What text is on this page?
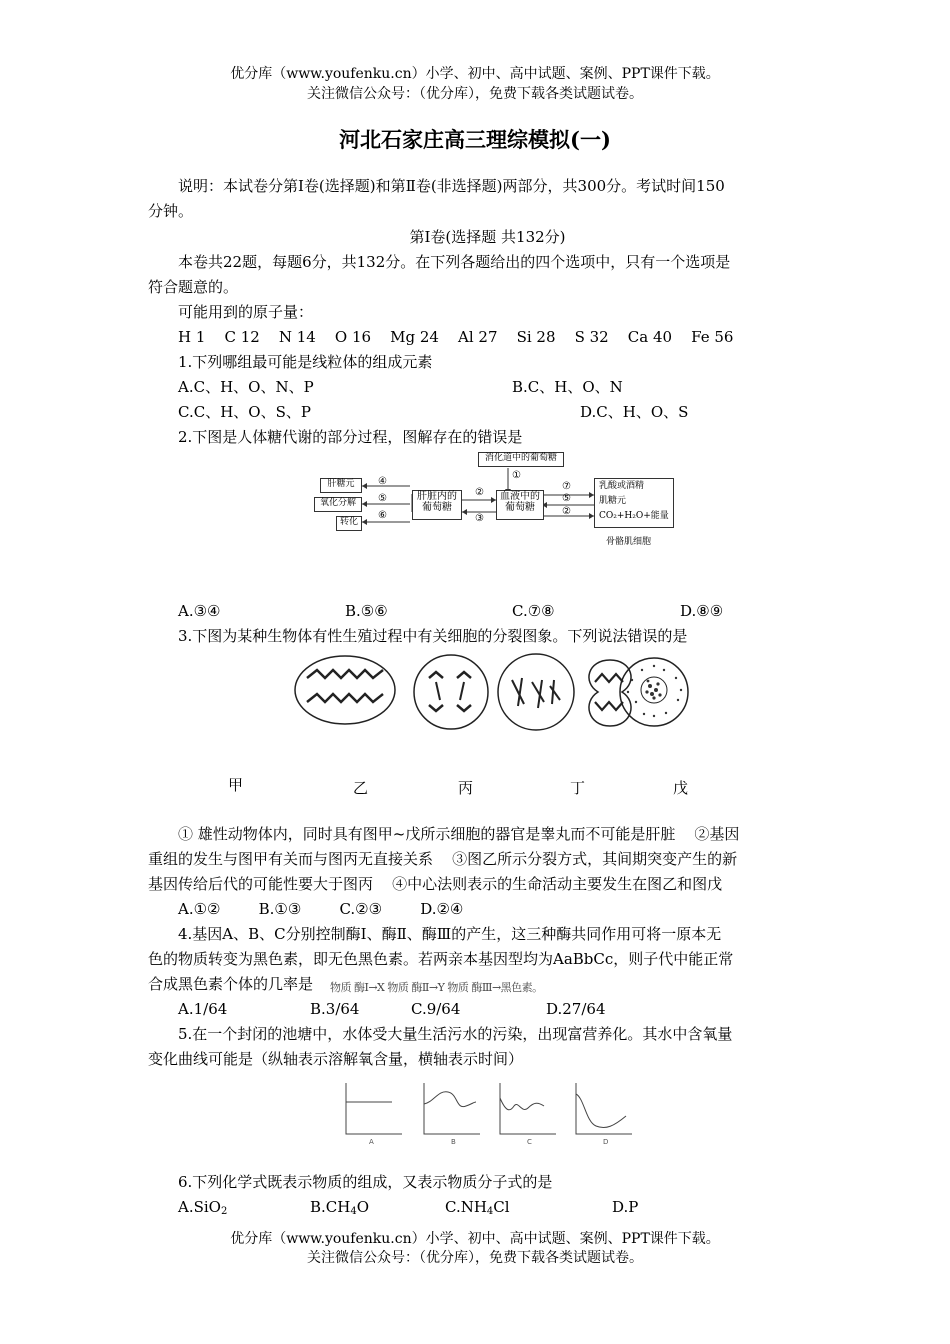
优分库（www.youfenku.cn）小学、初中、高中试题、案例、PPT课件下载。
关注微信公众号：（优分库），免费下载各类试题试卷。
河北石家庄高三理综模拟(一)
说明：本试卷分第Ⅰ卷(选择题)和第Ⅱ卷(非选择题)两部分，共300分。考试时间150
分钟。
第Ⅰ卷(选择题 共132分)
本卷共22题，每题6分，共132分。在下列各题给出的四个选项中，只有一个选项是
符合题意的。
可能用到的原子量：
H 1    C 12    N 14    O 16    Mg 24    Al 27    Si 28    S 32    Ca 40    Fe 56
1.下列哪组最可能是线粒体的组成元素
A.C、H、O、N、P	B.C、H、O、N
C.C、H、O、S、P	D.C、H、O、S
2.下图是人体糖代谢的部分过程，图解存在的错误是
肝糖元
氧化分解
转化
④
⑤
⑥
肝脏内的
葡萄糖
②
③
消化道中的葡萄糖
①
血液中的
葡萄糖
⑦
⑤
②
乳酸或酒精
肌糖元
CO₂+H₂O+能量
骨骼肌细胞
A.③④	B.⑤⑥	C.⑦⑧	D.⑧⑨
3.下图为某种生物体有性生殖过程中有关细胞的分裂图象。下列说法错误的是
甲	乙	丙	丁	戊
① 雄性动物体内，同时具有图甲~戊所示细胞的器官是睾丸而不可能是肝脏    ②基因
重组的发生与图甲有关而与图丙无直接关系    ③图乙所示分裂方式，其间期突变产生的新
基因传给后代的可能性要大于图丙    ④中心法则表示的生命活动主要发生在图乙和图戊
A.①②        B.①③        C.②③        D.②④
4.基因A、B、C分别控制酶Ⅰ、酶Ⅱ、酶Ⅲ的产生，这三种酶共同作用可将一原本无
色的物质转变为黑色素，即无色黑色素。若两亲本基因型均为AaBbCc，则子代中能正常
合成黑色素个体的几率是 物质 酶Ⅰ→X 物质 酶Ⅱ→Y 物质 酶Ⅲ→黑色素。
A.1/64	B.3/64	C.9/64	D.27/64
5.在一个封闭的池塘中，水体受大量生活污水的污染，出现富营养化。其水中含氧量
变化曲线可能是（纵轴表示溶解氧含量，横轴表示时间）
A	B	C	D
6.下列化学式既表示物质的组成，又表示物质分子式的是
A.SiO$_2$	$B.CH_4O$	$C.NH_4Cl$	D.P
优分库（www.youfenku.cn）小学、初中、高中试题、案例、PPT课件下载。
关注微信公众号：（优分库），免费下载各类试题试卷。
